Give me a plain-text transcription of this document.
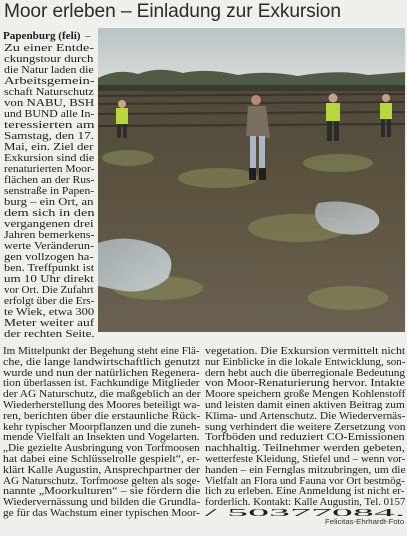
Moor erleben – Einladung zur Exkursion
Papenburg (feli) –
Zu einer Entde-
ckungstour durch
die Natur laden die
Arbeitsgemein-
schaft Naturschutz
von NABU, BSH
und BUND alle In-
teressierten am
Samstag, den 17.
Mai, ein. Ziel der
Exkursion sind die
renaturierten Moor-
flächen an der Rus-
senstraße in Papen-
burg – ein Ort, an
dem sich in den
vergangenen drei
Jahren bemerkens-
werte Veränderun-
gen vollzogen ha-
ben. Treffpunkt ist
um 10 Uhr direkt
vor Ort. Die Zufahrt
erfolgt über die Ers-
te Wiek, etwa 300
Meter weiter auf
der rechten Seite.
Im Mittelpunkt der Begehung steht eine Flä-
che, die lange landwirtschaftlich genutzt
wurde und nun der natürlichen Regenera-
tion überlassen ist. Fachkundige Mitglieder
der AG Naturschutz, die maßgeblich an der
Wiederherstellung des Moores beteiligt wa-
ren, berichten über die erstaunliche Rück-
kehr typischer Moorpflanzen und die zuneh-
mende Vielfalt an Insekten und Vogelarten.
„Die gezielte Ausbringung von Torfmoosen
hat dabei eine Schlüsselrolle gespielt“, er-
klärt Kalle Augustin, Ansprechpartner der
AG Naturschutz. Torfmoose gelten als soge-
nannte „Moorkulturen“ – sie fördern die
Wiedervernässung und bilden die Grundla-
ge für das Wachstum einer typischen Moor-
vegetation. Die Exkursion vermittelt nicht
nur Einblicke in die lokale Entwicklung, son-
dern hebt auch die überregionale Bedeutung
von Moor-Renaturierung hervor. Intakte
Moore speichern große Mengen Kohlenstoff
und leisten damit einen aktiven Beitrag zum
Klima- und Artenschutz. Die Wiedervernäs-
sung verhindert die weitere Zersetzung von
Torfböden und reduziert CO-Emissionen
nachhaltig. Teilnehmer werden gebeten,
wetterfeste Kleidung, Stiefel und – wenn vor-
handen – ein Fernglas mitzubringen, um die
Vielfalt an Flora und Fauna vor Ort bestmög-
lich zu erleben. Eine Anmeldung ist nicht er-
forderlich. Kontakt: Kalle Augustin, Tel. 0157
/ 50377084.
Felicitas-Ehrhardt-Foto
